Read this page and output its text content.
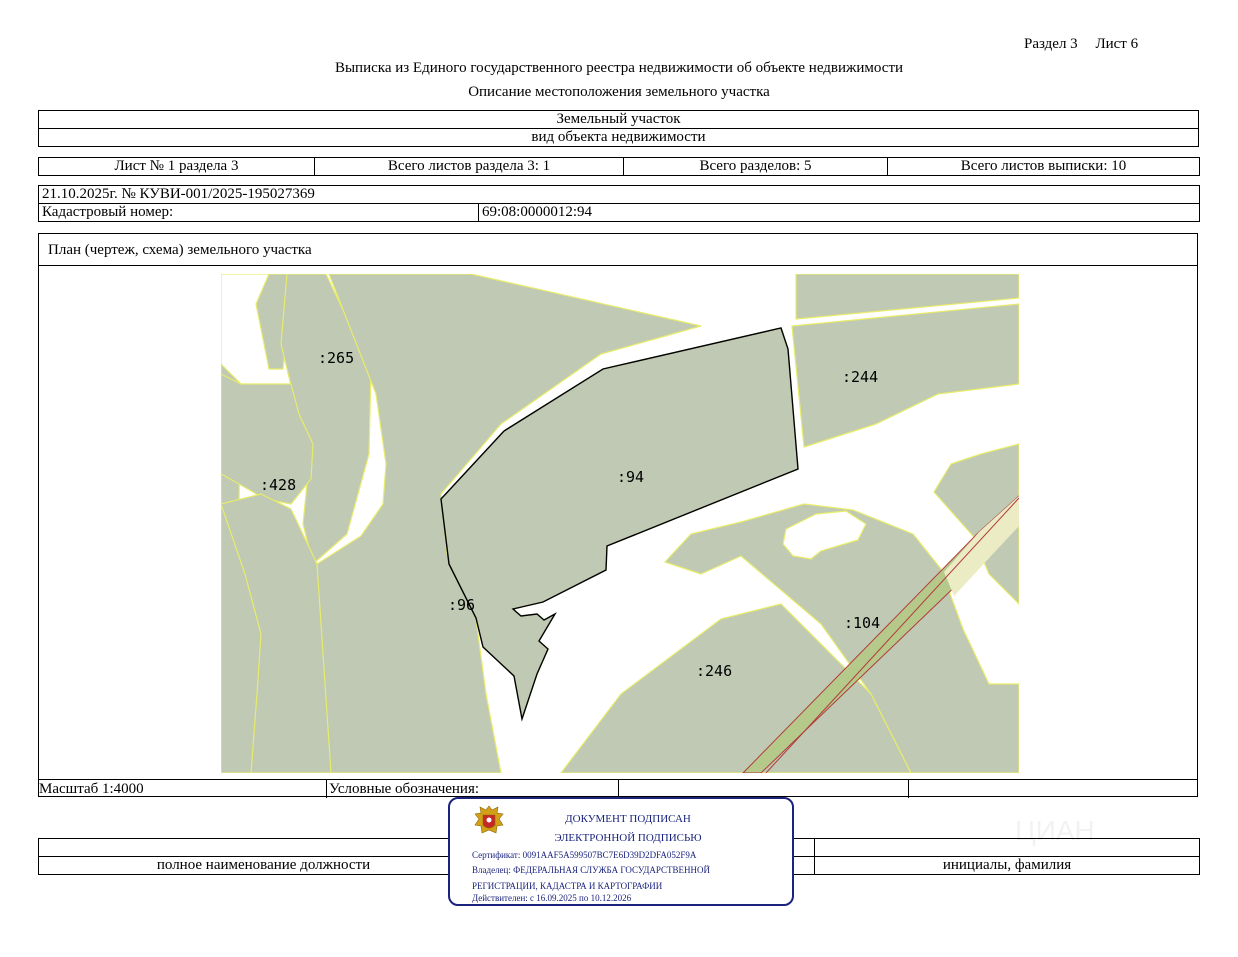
Раздел 3 Лист 6
Выписка из Единого государственного реестра недвижимости об объекте недвижимости
Описание местоположения земельного участка
Земельный участок
вид объекта недвижимости
Лист № 1 раздела 3	Всего листов раздела 3: 1	Всего разделов: 5	Всего листов выписки: 10
21.10.2025г. № КУВИ-001/2025-195027369
Кадастровый номер:	69:08:0000012:94
План (чертеж, схема) земельного участка
:265
:244
:94
:428
:96
:104
:246
Масштаб 1:4000	Условные обозначения:

полное наименование должности		инициалы, фамилия
ЦИАН
ДОКУМЕНТ ПОДПИСАН
ЭЛЕКТРОННОЙ ПОДПИСЬЮ
Сертификат: 0091AAF5A599507BC7E6D39D2DFA052F9A
Владелец: ФЕДЕРАЛЬНАЯ СЛУЖБА ГОСУДАРСТВЕННОЙ
РЕГИСТРАЦИИ, КАДАСТРА И КАРТОГРАФИИ
Действителен: с 16.09.2025 по 10.12.2026
